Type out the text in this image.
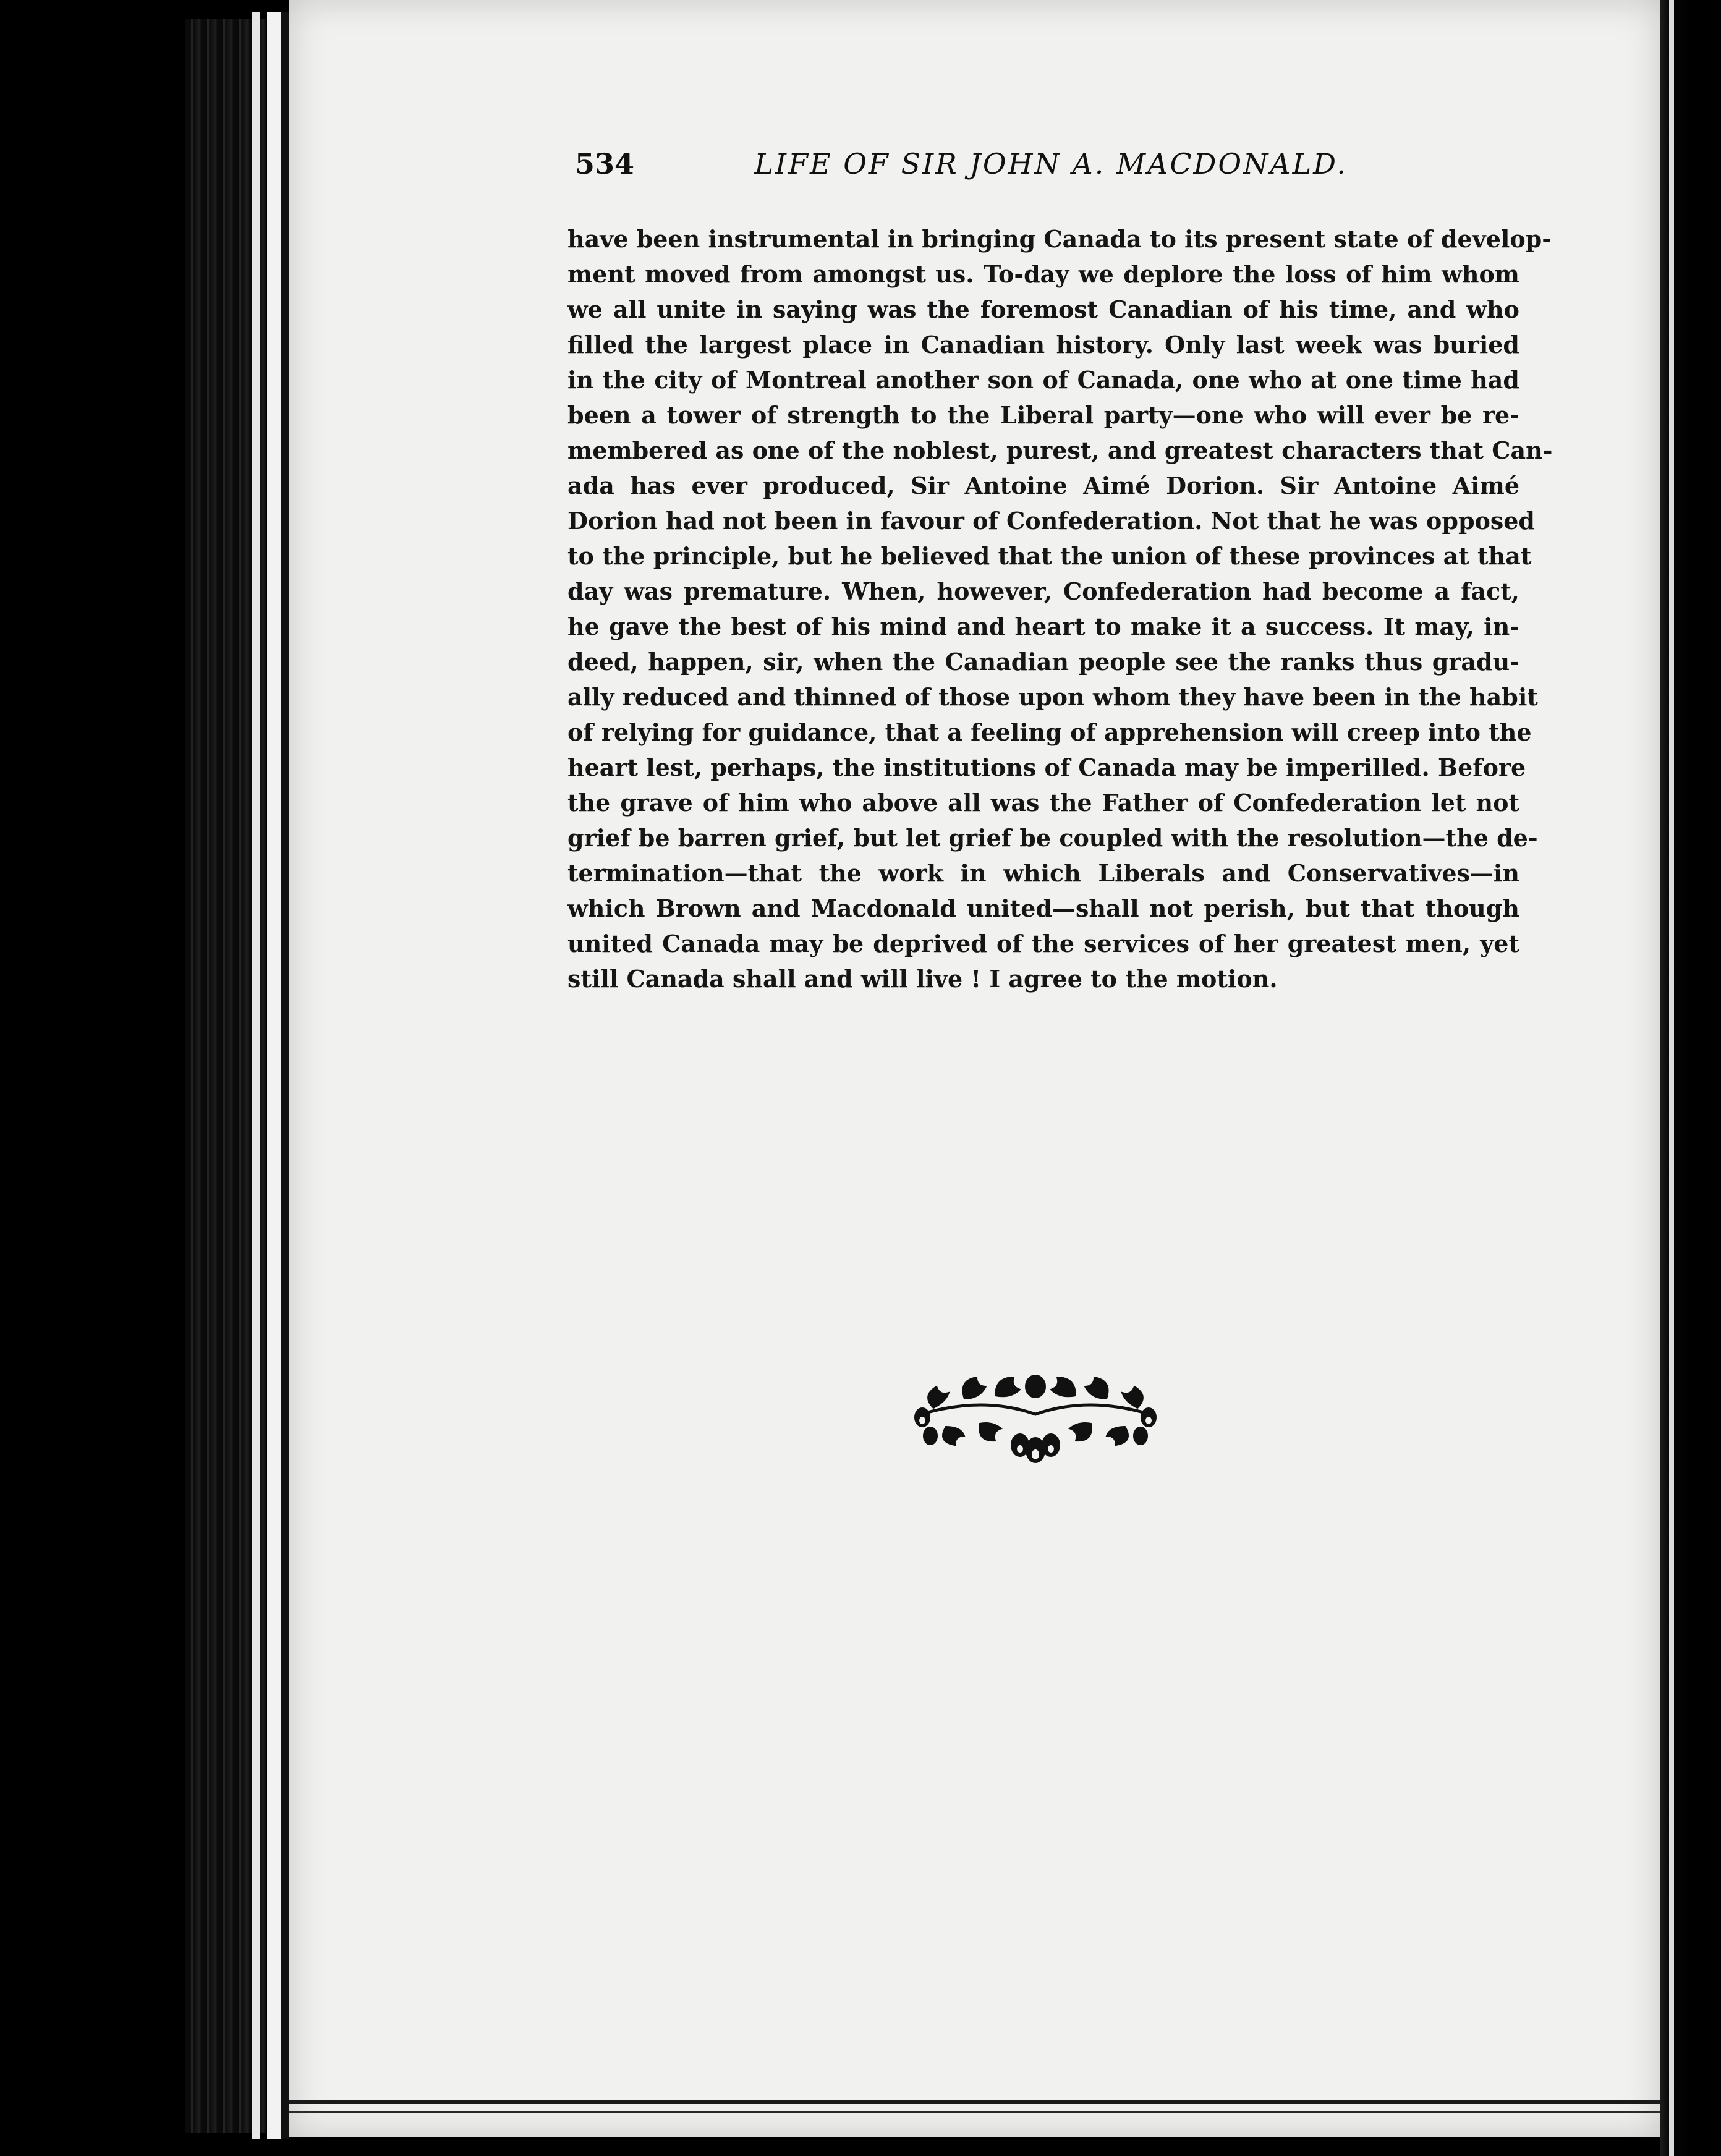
534	LIFE OF SIR JOHN A. MACDONALD.
have been instrumental in bringing Canada to its present state of develop-
ment moved from amongst us. To-day we deplore the loss of him whom
we all unite in saying was the foremost Canadian of his time, and who
filled the largest place in Canadian history. Only last week was buried
in the city of Montreal another son of Canada, one who at one time had
been a tower of strength to the Liberal party—one who will ever be re-
membered as one of the noblest, purest, and greatest characters that Can-
ada has ever produced, Sir Antoine Aimé Dorion. Sir Antoine Aimé
Dorion had not been in favour of Confederation. Not that he was opposed
to the principle, but he believed that the union of these provinces at that
day was premature. When, however, Confederation had become a fact,
he gave the best of his mind and heart to make it a success. It may, in-
deed, happen, sir, when the Canadian people see the ranks thus gradu-
ally reduced and thinned of those upon whom they have been in the habit
of relying for guidance, that a feeling of apprehension will creep into the
heart lest, perhaps, the institutions of Canada may be imperilled. Before
the grave of him who above all was the Father of Confederation let not
grief be barren grief, but let grief be coupled with the resolution—the de-
termination—that the work in which Liberals and Conservatives—in
which Brown and Macdonald united—shall not perish, but that though
united Canada may be deprived of the services of her greatest men, yet
still Canada shall and will live ! I agree to the motion.
